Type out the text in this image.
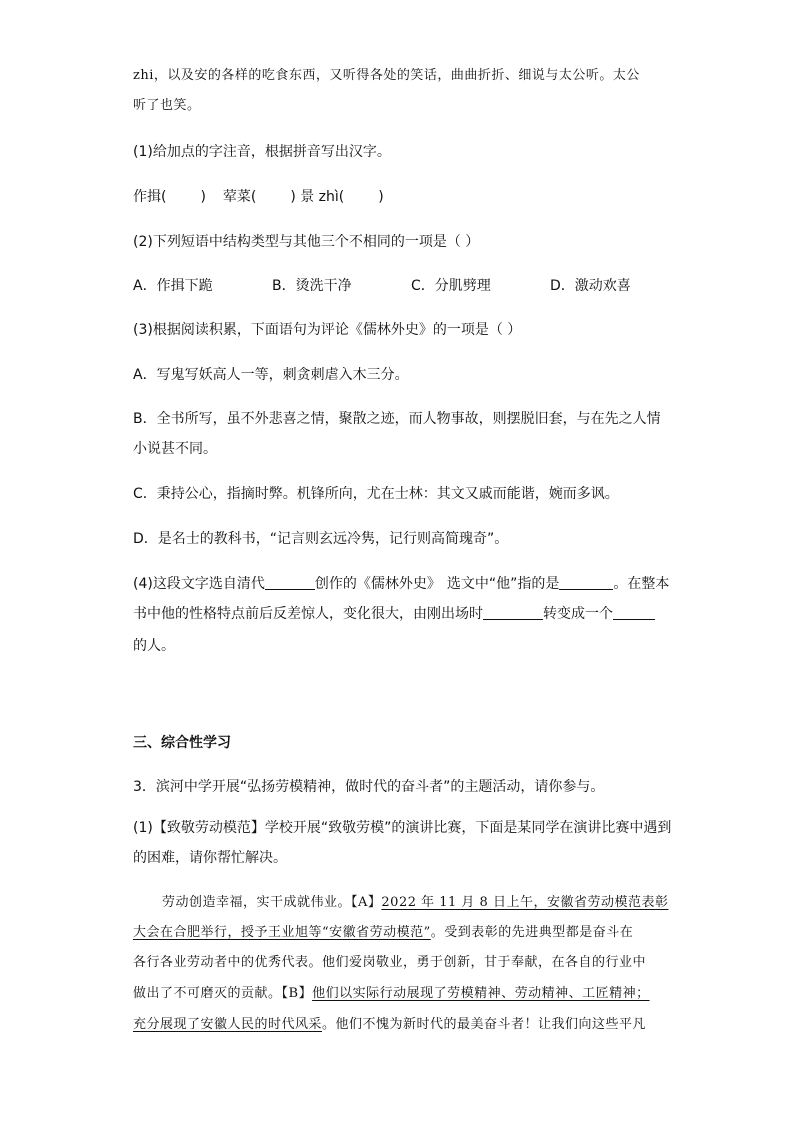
zhi，以及安的各样的吃食东西，又听得各处的笑话，曲曲折折、细说与太公听。太公
听了也笑。
(1)给加点的字注音，根据拼音写出汉字。
作揖( ) 荤菜( ) 景 zhì( )
(2)下列短语中结构类型与其他三个不相同的一项是（ ）
A．作揖下跪	B．烫洗干净	C．分肌劈理	D．激动欢喜
(3)根据阅读积累，下面语句为评论《儒林外史》的一项是（ ）
A．写鬼写妖高人一等，刺贪刺虐入木三分。
B．全书所写，虽不外悲喜之情，聚散之迹，而人物事故，则摆脱旧套，与在先之人情
小说甚不同。
C．秉持公心，指摘时弊。机锋所向，尤在士林：其文又戚而能谐，婉而多讽。
D．是名士的教科书，“记言则玄远冷隽，记行则高简瑰奇”。
(4)这段文字选自清代	创作的《儒林外史》 选文中“他”指的是	。在整本
书中他的性格特点前后反差惊人，变化很大，由刚出场时	转变成一个
的人。
三、综合性学习
3．滨河中学开展“弘扬劳模精神，做时代的奋斗者”的主题活动，请你参与。
(1)【致敬劳动模范】学校开展“致敬劳模”的演讲比赛，下面是某同学在演讲比赛中遇到
的困难，请你帮忙解决。
劳动创造幸福，实干成就伟业。【A】2022 年 11 月 8 日上午，安徽省劳动模范表彰
大会在合肥举行，授予王业旭等“安徽省劳动模范”。受到表彰的先进典型都是奋斗在
各行各业劳动者中的优秀代表。他们爱岗敬业，勇于创新，甘于奉献，在各自的行业中
做出了不可磨灭的贡献。【B】他们以实际行动展现了劳模精神、劳动精神、工匠精神；
充分展现了安徽人民的时代风采。他们不愧为新时代的最美奋斗者！让我们向这些平凡
